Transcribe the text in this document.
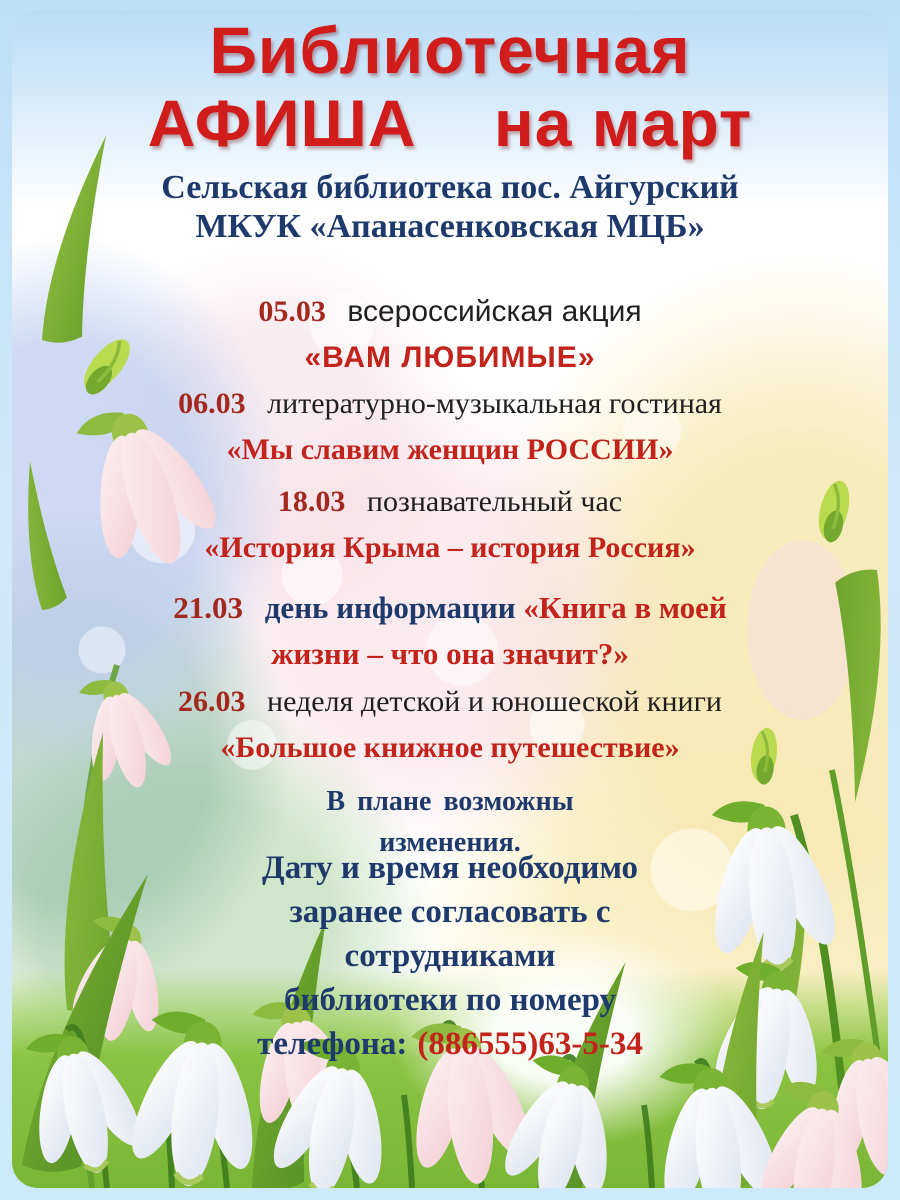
Библиотечная
АФИША    на март
Сельская библиотека пос. Айгурский
МКУК «Апанасенковская МЦБ»
05.03 всероссийская акция
«ВАМ ЛЮБИМЫЕ»
06.03 литературно-музыкальная гостиная
«Мы славим женщин РОССИИ»
18.03 познавательный час
«История Крыма – история Россия»
21.03 день информации «Книга в моей жизни – что она значит?»
26.03 неделя детской и юношеской книги
«Большое книжное путешествие»
В плане возможны
изменения.
Дату и время необходимо
заранее согласовать с
сотрудниками
библиотеки по номеру
телефона: (886555)63-5-34
